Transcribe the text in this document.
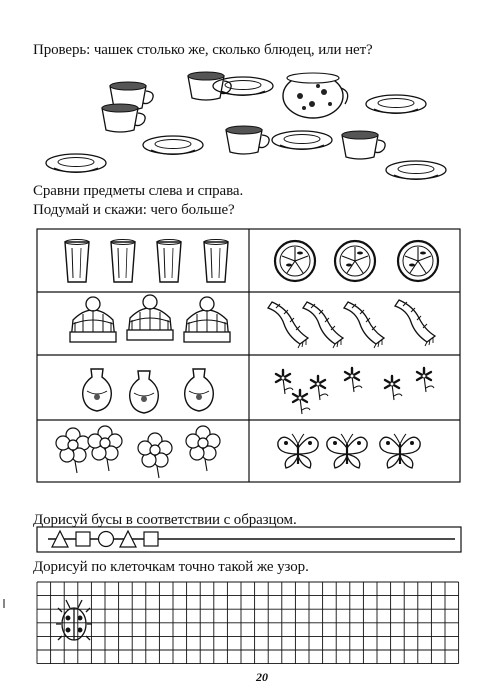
Проверь: чашек столько же, сколько блюдец, или нет?
Сравни предметы слева и справа.
Подумай и скажи: чего больше?
Дорисуй бусы в соответствии с образцом.
Дорисуй по клеточкам точно такой же узор.
20
